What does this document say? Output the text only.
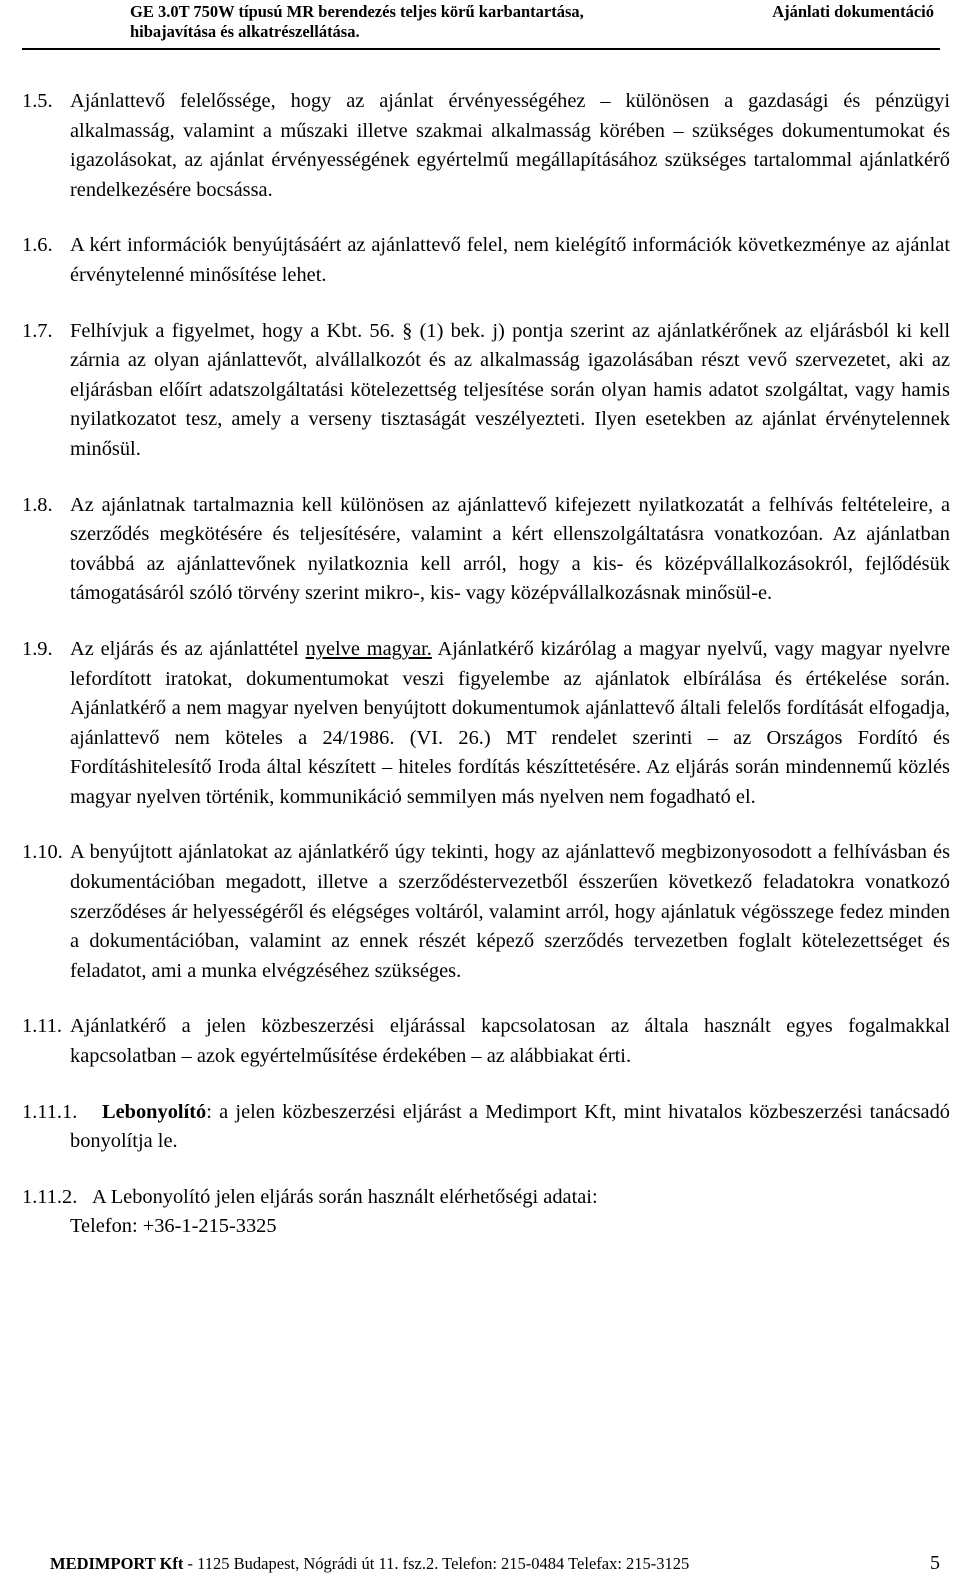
GE 3.0T 750W típusú MR berendezés teljes körű karbantartása,
hibajavítása és alkatrészellátása.
Ajánlati dokumentáció
1.5. Ajánlattevő felelőssége, hogy az ajánlat érvényességéhez – különösen a gazdasági és pénzügyi alkalmasság, valamint a műszaki illetve szakmai alkalmasság körében – szükséges dokumentumokat és igazolásokat, az ajánlat érvényességének egyértelmű megállapításához szükséges tartalommal ajánlatkérő rendelkezésére bocsássa.
1.6. A kért információk benyújtásáért az ajánlattevő felel, nem kielégítő információk következménye az ajánlat érvénytelenné minősítése lehet.
1.7. Felhívjuk a figyelmet, hogy a Kbt. 56. § (1) bek. j) pontja szerint az ajánlatkérőnek az eljárásból ki kell zárnia az olyan ajánlattevőt, alvállalkozót és az alkalmasság igazolásában részt vevő szervezetet, aki az eljárásban előírt adatszolgáltatási kötelezettség teljesítése során olyan hamis adatot szolgáltat, vagy hamis nyilatkozatot tesz, amely a verseny tisztaságát veszélyezteti. Ilyen esetekben az ajánlat érvénytelennek minősül.
1.8. Az ajánlatnak tartalmaznia kell különösen az ajánlattevő kifejezett nyilatkozatát a felhívás feltételeire, a szerződés megkötésére és teljesítésére, valamint a kért ellenszolgáltatásra vonatkozóan. Az ajánlatban továbbá az ajánlattevőnek nyilatkoznia kell arról, hogy a kis- és középvállalkozásokról, fejlődésük támogatásáról szóló törvény szerint mikro-, kis- vagy középvállalkozásnak minősül-e.
1.9. Az eljárás és az ajánlattétel nyelve magyar. Ajánlatkérő kizárólag a magyar nyelvű, vagy magyar nyelvre lefordított iratokat, dokumentumokat veszi figyelembe az ajánlatok elbírálása és értékelése során. Ajánlatkérő a nem magyar nyelven benyújtott dokumentumok ajánlattevő általi felelős fordítását elfogadja, ajánlattevő nem köteles a 24/1986. (VI. 26.) MT rendelet szerinti – az Országos Fordító és Fordításhitelesítő Iroda által készített – hiteles fordítás készíttetésére. Az eljárás során mindennemű közlés magyar nyelven történik, kommunikáció semmilyen más nyelven nem fogadható el.
1.10. A benyújtott ajánlatokat az ajánlatkérő úgy tekinti, hogy az ajánlattevő megbizonyosodott a felhívásban és dokumentációban megadott, illetve a szerződéstervezetből ésszerűen következő feladatokra vonatkozó szerződéses ár helyességéről és elégséges voltáról, valamint arról, hogy ajánlatuk végösszege fedez minden a dokumentációban, valamint az ennek részét képező szerződés tervezetben foglalt kötelezettséget és feladatot, ami a munka elvégzéséhez szükséges.
1.11. Ajánlatkérő a jelen közbeszerzési eljárással kapcsolatosan az általa használt egyes fogalmakkal kapcsolatban – azok egyértelműsítése érdekében – az alábbiakat érti.
1.11.1. Lebonyolító: a jelen közbeszerzési eljárást a Medimport Kft, mint hivatalos közbeszerzési tanácsadó bonyolítja le.
1.11.2. A Lebonyolító jelen eljárás során használt elérhetőségi adatai:
Telefon: +36-1-215-3325
MEDIMPORT Kft - 1125 Budapest, Nógrádi út 11. fsz.2. Telefon: 215-0484 Telefax: 215-3125	5
